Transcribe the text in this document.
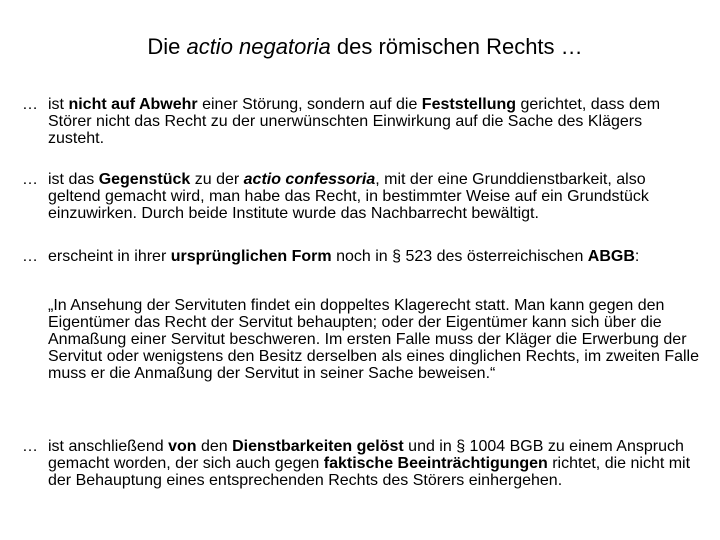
Die actio negatoria des römischen Rechts …
… ist nicht auf Abwehr einer Störung, sondern auf die Feststellung gerichtet, dass dem Störer nicht das Recht zu der unerwünschten Einwirkung auf die Sache des Klägers zusteht.
… ist das Gegenstück zu der actio confessoria, mit der eine Grunddienstbarkeit, also geltend gemacht wird, man habe das Recht, in bestimmter Weise auf ein Grundstück einzuwirken. Durch beide Institute wurde das Nachbarrecht bewältigt.
… erscheint in ihrer ursprünglichen Form noch in § 523 des österreichischen ABGB:
„In Ansehung der Servituten findet ein doppeltes Klagerecht statt. Man kann gegen den Eigentümer das Recht der Servitut behaupten; oder der Eigentümer kann sich über die Anmaßung einer Servitut beschweren. Im ersten Falle muss der Kläger die Erwerbung der Servitut oder wenigstens den Besitz derselben als eines dinglichen Rechts, im zweiten Falle muss er die Anmaßung der Servitut in seiner Sache beweisen.“
… ist anschließend von den Dienstbarkeiten gelöst und in § 1004 BGB zu einem Anspruch gemacht worden, der sich auch gegen faktische Beeinträchtigungen richtet, die nicht mit der Behauptung eines entsprechenden Rechts des Störers einhergehen.
